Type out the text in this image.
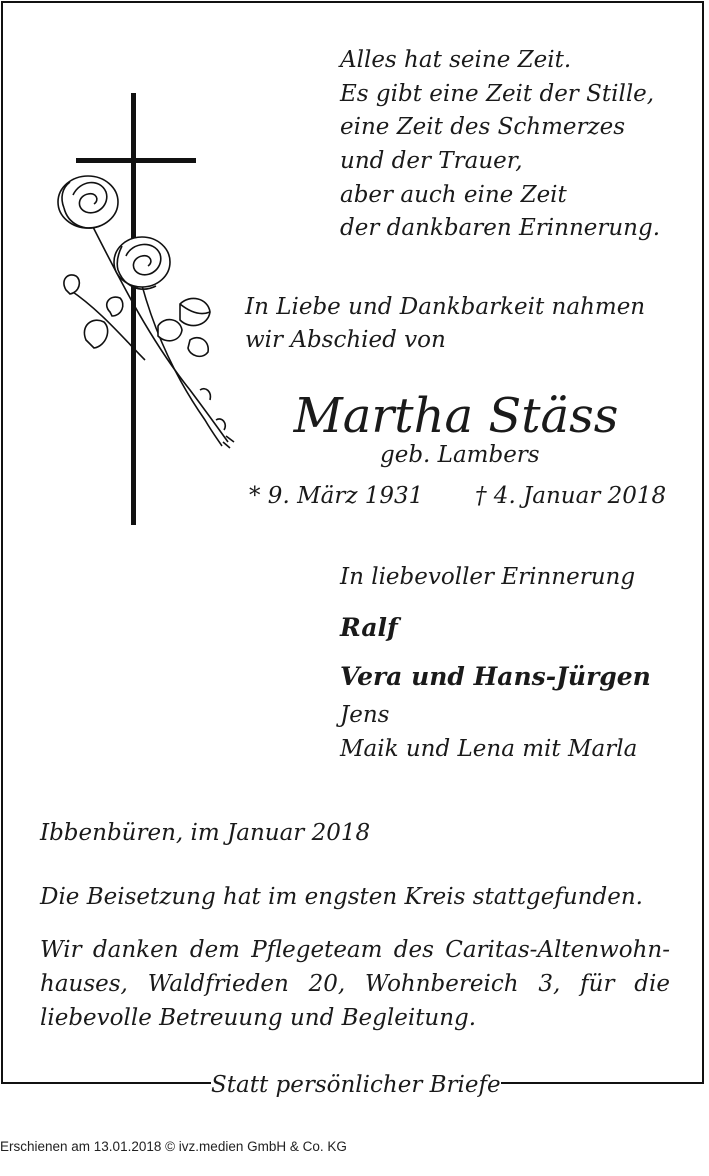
Alles hat seine Zeit.
Es gibt eine Zeit der Stille,
eine Zeit des Schmerzes
und der Trauer,
aber auch eine Zeit
der dankbaren Erinnerung.
In Liebe und Dankbarkeit nahmen
wir Abschied von
Martha Stäss
geb. Lambers
* 9. März 1931 † 4. Januar 2018
In liebevoller Erinnerung
Ralf
Vera und Hans-Jürgen
Jens
Maik und Lena mit Marla
Ibbenbüren, im Januar 2018
Die Beisetzung hat im engsten Kreis stattgefunden.
Wir danken dem Pflegeteam des Caritas-Altenwohn-
hauses, Waldfrieden 20, Wohnbereich 3, für die
liebevolle Betreuung und Begleitung.
Statt persönlicher Briefe
Erschienen am 13.01.2018 © ivz.medien GmbH & Co. KG
